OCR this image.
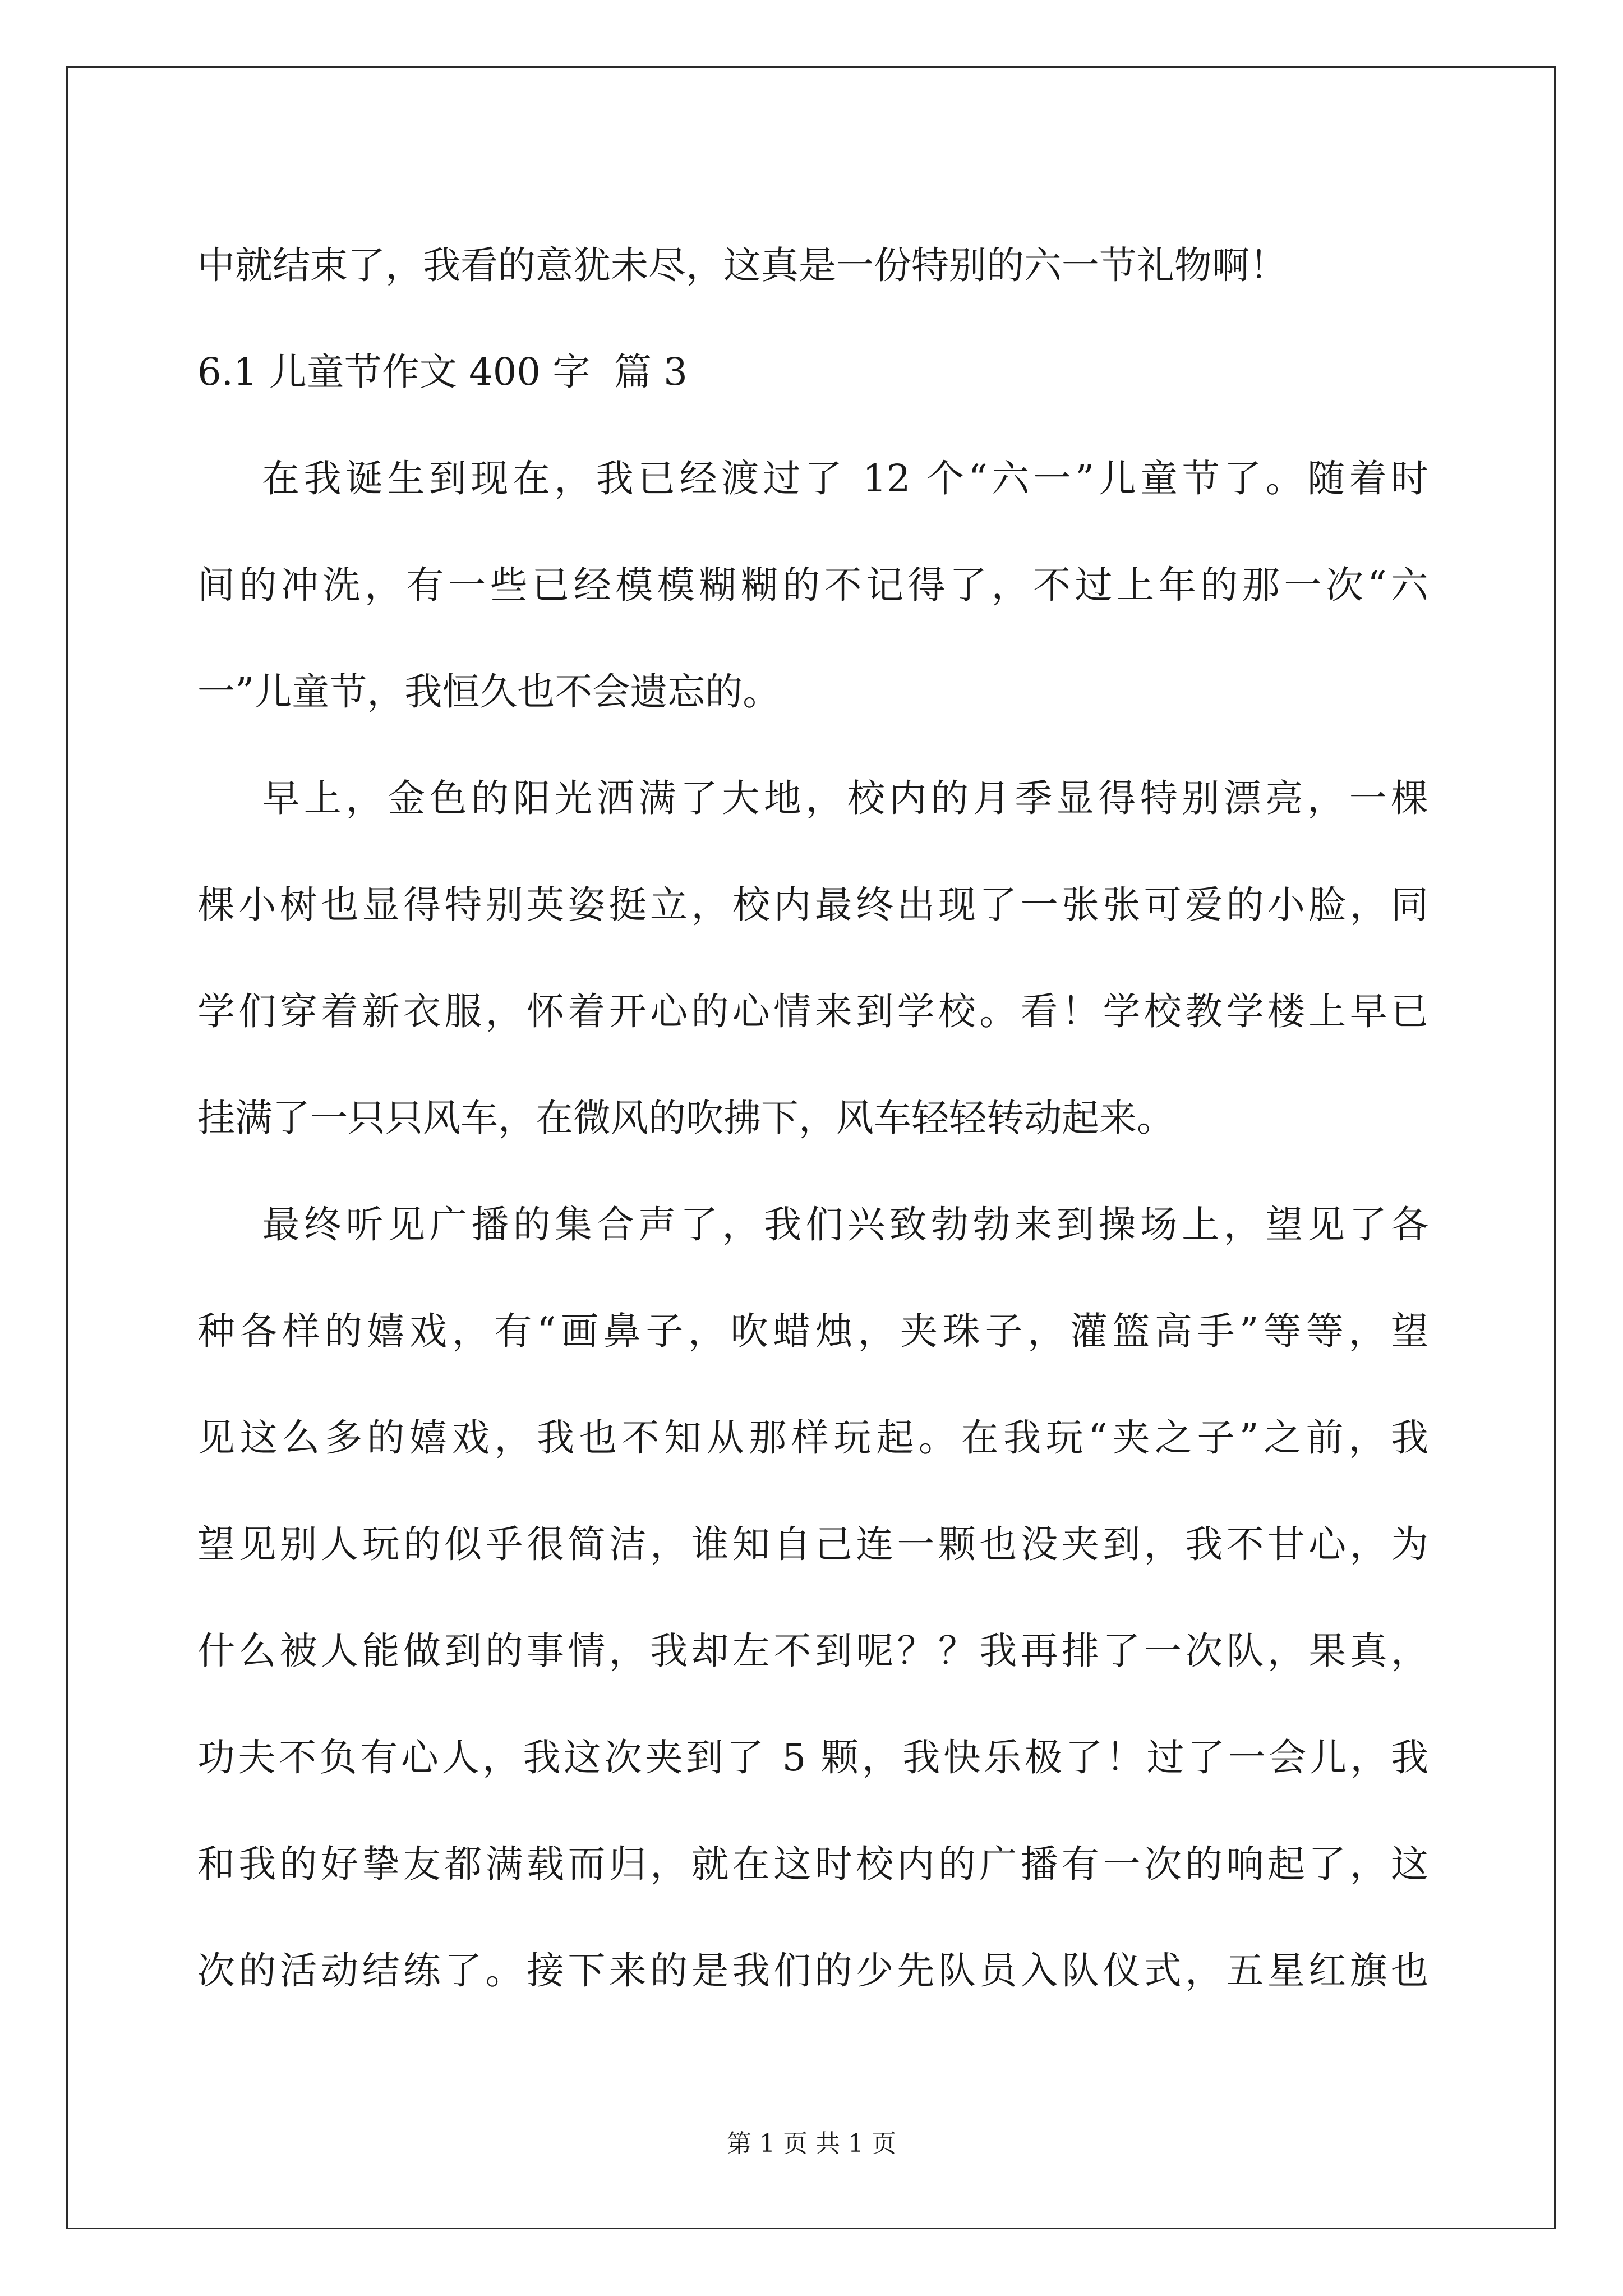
中就结束了，我看的意犹未尽，这真是一份特别的六一节礼物啊！
6.1 儿童节作文 400 字  篇 3
在我诞生到现在，我已经渡过了 12 个“六一”儿童节了。随着时
间的冲洗，有一些已经模模糊糊的不记得了，不过上年的那一次“六
一”儿童节，我恒久也不会遗忘的。
早上，金色的阳光洒满了大地，校内的月季显得特别漂亮，一棵
棵小树也显得特别英姿挺立，校内最终出现了一张张可爱的小脸，同
学们穿着新衣服，怀着开心的心情来到学校。看！学校教学楼上早已
挂满了一只只风车，在微风的吹拂下，风车轻轻转动起来。
最终听见广播的集合声了，我们兴致勃勃来到操场上，望见了各
种各样的嬉戏，有“画鼻子，吹蜡烛，夹珠子，灌篮高手”等等，望
见这么多的嬉戏，我也不知从那样玩起。在我玩“夹之子”之前，我
望见别人玩的似乎很简洁，谁知自己连一颗也没夹到，我不甘心，为
什么被人能做到的事情，我却左不到呢？？我再排了一次队，果真，
功夫不负有心人，我这次夹到了 5 颗，我快乐极了！过了一会儿，我
和我的好挚友都满载而归，就在这时校内的广播有一次的响起了，这
次的活动结练了。接下来的是我们的少先队员入队仪式，五星红旗也
第 1 页 共 1 页
